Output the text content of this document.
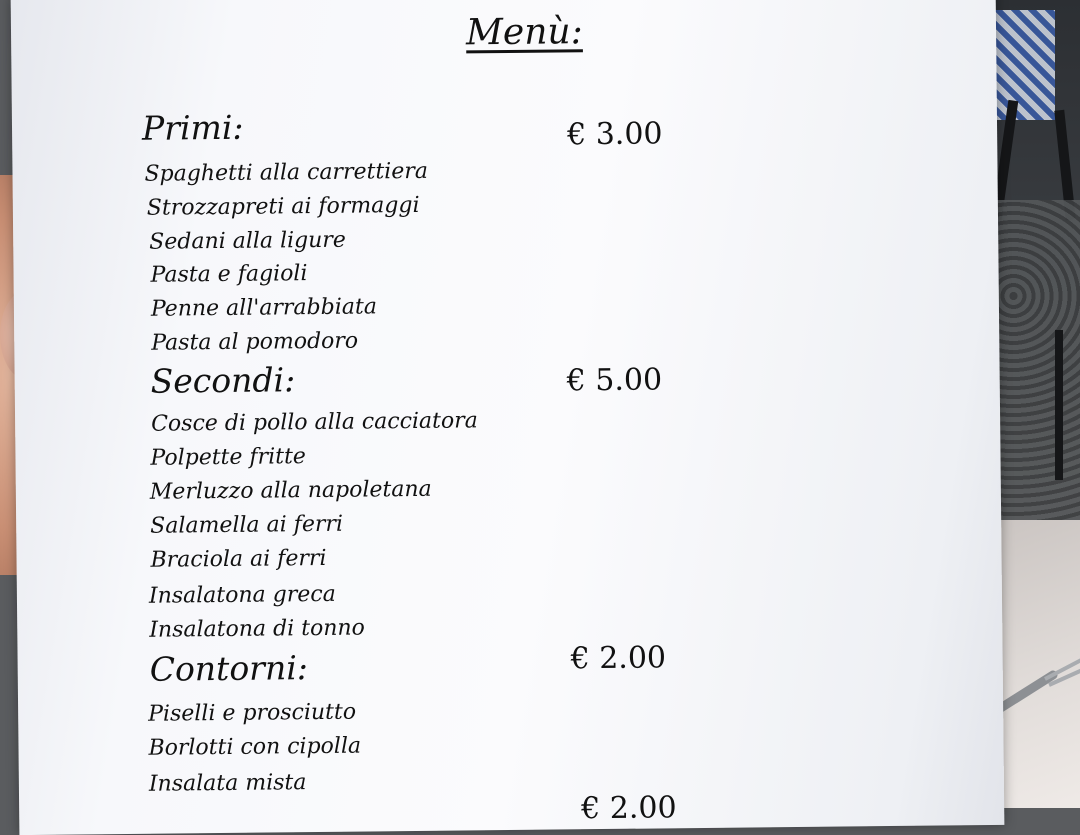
Menù:
Primi:	€ 3.00
Spaghetti alla carrettiera
Strozzapreti ai formaggi
Sedani alla ligure
Pasta e fagioli
Penne all'arrabbiata
Pasta al pomodoro
Secondi:	€ 5.00
Cosce di pollo alla cacciatora
Polpette fritte
Merluzzo alla napoletana
Salamella ai ferri
Braciola ai ferri
Insalatona greca
Insalatona di tonno
Contorni:	€ 2.00
Piselli e prosciutto
Borlotti con cipolla
Insalata mista
€ 2.00
